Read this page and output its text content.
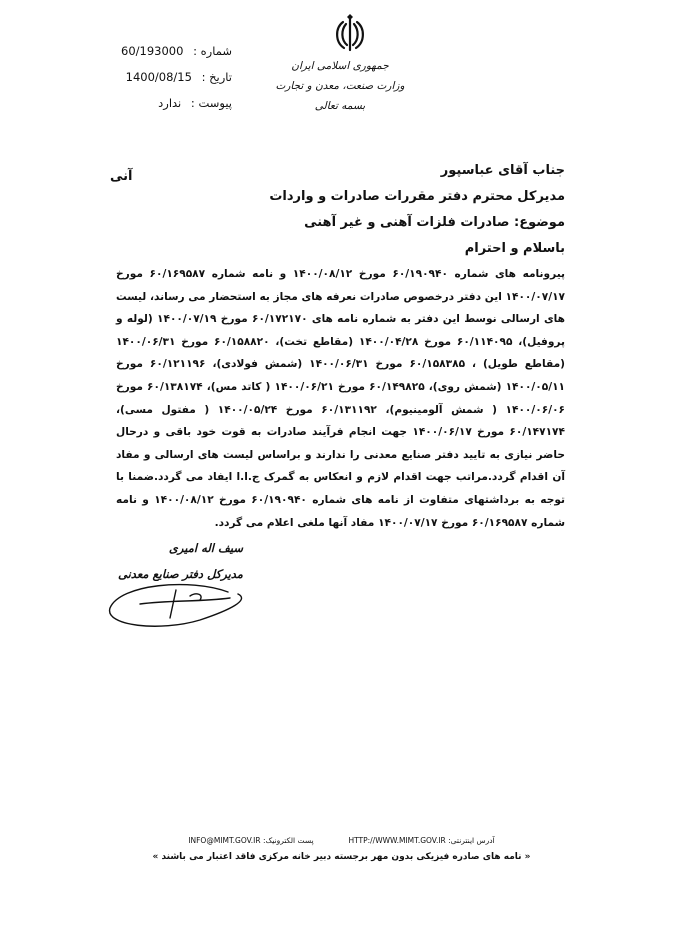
شماره : 60/193000
تاریخ : 1400/08/15
پیوست : ندارد
جمهوری اسلامی ایران
وزارت صنعت، معدن و تجارت
بسمه تعالی
آنی	جناب آقای عباسپور
مدیرکل محترم دفتر مقررات صادرات و واردات
موضوع: صادرات فلزات آهنی و غیر آهنی
باسلام و احترام
پیرونامه های شماره ۶۰/۱۹۰۹۴۰ مورخ ۱۴۰۰/۰۸/۱۲ و نامه شماره ۶۰/۱۶۹۵۸۷ مورخ ۱۴۰۰/۰۷/۱۷ این دفتر درخصوص صادرات نعرفه های مجاز به استحضار می رساند، لیست های ارسالی نوسط این دفتر به شماره نامه های ۶۰/۱۷۲۱۷۰ مورخ ۱۴۰۰/۰۷/۱۹ (لوله و پروفیل)، ۶۰/۱۱۴۰۹۵ مورخ ۱۴۰۰/۰۴/۲۸ (مقاطع تخت)، ۶۰/۱۵۸۸۲۰ مورخ ۱۴۰۰/۰۶/۳۱ (مقاطع طویل) ، ۶۰/۱۵۸۳۸۵ مورخ ۱۴۰۰/۰۶/۳۱ (شمش فولادی)، ۶۰/۱۲۱۱۹۶ مورخ ۱۴۰۰/۰۵/۱۱ (شمش روی)، ۶۰/۱۴۹۸۲۵ مورخ ۱۴۰۰/۰۶/۲۱ ( کاتد مس)، ۶۰/۱۳۸۱۷۴ مورخ ۱۴۰۰/۰۶/۰۶ ( شمش آلومینیوم)، ۶۰/۱۳۱۱۹۲ مورخ ۱۴۰۰/۰۵/۲۴ ( مفتول مسی)، ۶۰/۱۴۷۱۷۴ مورخ ۱۴۰۰/۰۶/۱۷ جهت انجام فرآیند صادرات به قوت خود باقی و درحال حاضر نیازی به تایید دفتر صنایع معدنی را ندارند و براساس لیست های ارسالی و مفاد آن اقدام گردد.مراتب جهت اقدام لازم و انعکاس به گمرک ج.ا.ا ایفاد می گردد.ضمنا با توجه به برداشتهای متفاوت از نامه های شماره ۶۰/۱۹۰۹۴۰ مورخ ۱۴۰۰/۰۸/۱۲ و نامه شماره ۶۰/۱۶۹۵۸۷ مورخ ۱۴۰۰/۰۷/۱۷ مفاد آنها ملغی اعلام می گردد.
سیف اله امیری
مدیرکل دفتر صنایع معدنی
آدرس اینترنتی: HTTP://WWW.MIMT.GOV.IR  پست الکترونیک: INFO@MIMT.GOV.IR
« نامه های صادره فیزیکی بدون مهر برجسته دبیر خانه مرکزی فاقد اعتبار می باشند »
